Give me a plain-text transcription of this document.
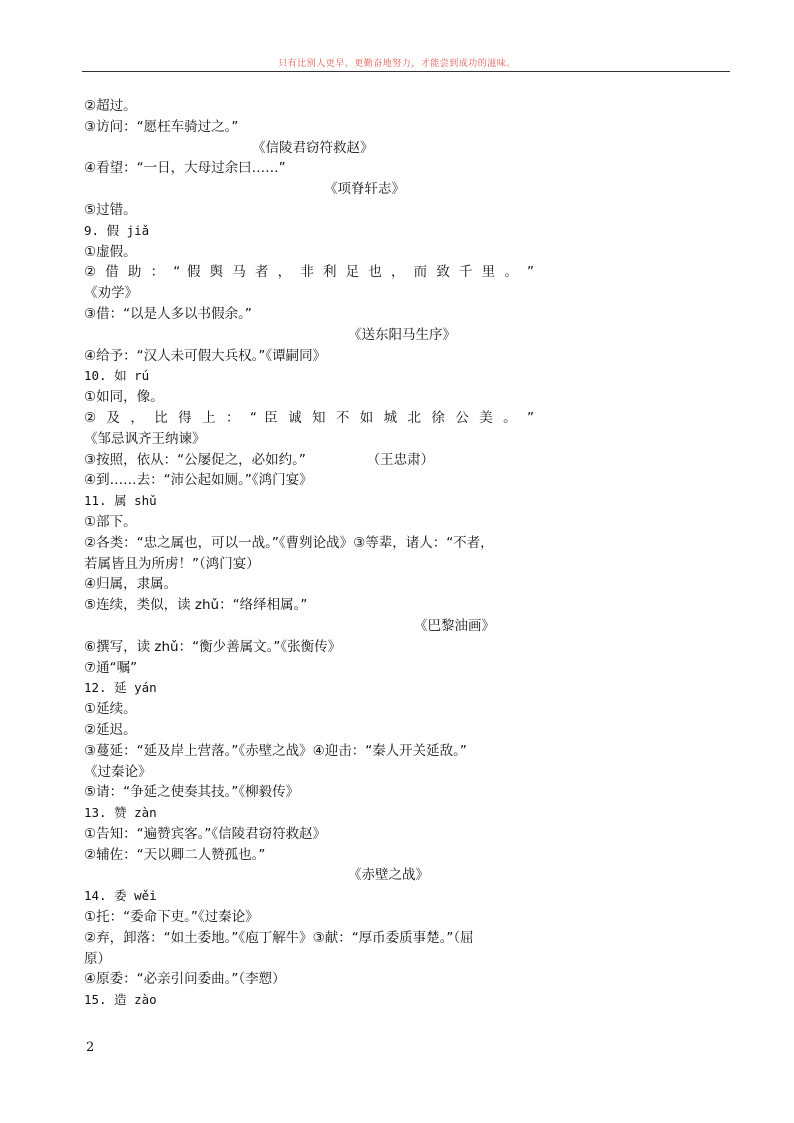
只有比别人更早、更勤奋地努力，才能尝到成功的滋味。
②超过。
③访问：“愿枉车骑过之。”
《信陵君窃符救赵》
④看望：“一日，大母过余曰……”
《项脊轩志》
⑤过错。
9. 假 jiǎ
①虚假。
② 借 助 ： “ 假 舆 马 者 ， 非 利 足 也 ， 而 致 千 里 。 ”
《劝学》
③借：“以是人多以书假余。”
《送东阳马生序》
④给予：“汉人未可假大兵权。”《谭嗣同》
10. 如 rú
①如同，像。
② 及 ， 比 得 上 ： “ 臣 诚 知 不 如 城 北 徐 公 美 。 ”
《邹忌讽齐王纳谏》
③按照，依从：“公屡促之，必如约。”　　　　　（王忠肃）
④到……去：“沛公起如厕。”《鸿门宴》
11. 属 shǔ
①部下。
②各类：“忠之属也，可以一战。”《曹刿论战》③等辈，诸人：“不者，
若属皆且为所虏！”（鸿门宴）
④归属，隶属。
⑤连续，类似，读 zhǔ：“络绎相属。”
《巴黎油画》
⑥撰写，读 zhǔ：“衡少善属文。”《张衡传》
⑦通“嘱”
12. 延 yán
①延续。
②延迟。
③蔓延：“延及岸上营落。”《赤壁之战》④迎击：“秦人开关延敌。”
《过秦论》
⑤请：“争延之使奏其技。”《柳毅传》
13. 赞 zàn
①告知：“遍赞宾客。”《信陵君窃符救赵》
②辅佐：“天以卿二人赞孤也。”
《赤壁之战》
14. 委 wěi
①托：“委命下吏。”《过秦论》
②弃，卸落：“如土委地。”《庖丁解牛》③献：“厚币委质事楚。”（屈
原）
④原委：“必亲引问委曲。”（李愬）
15. 造 zào
2
